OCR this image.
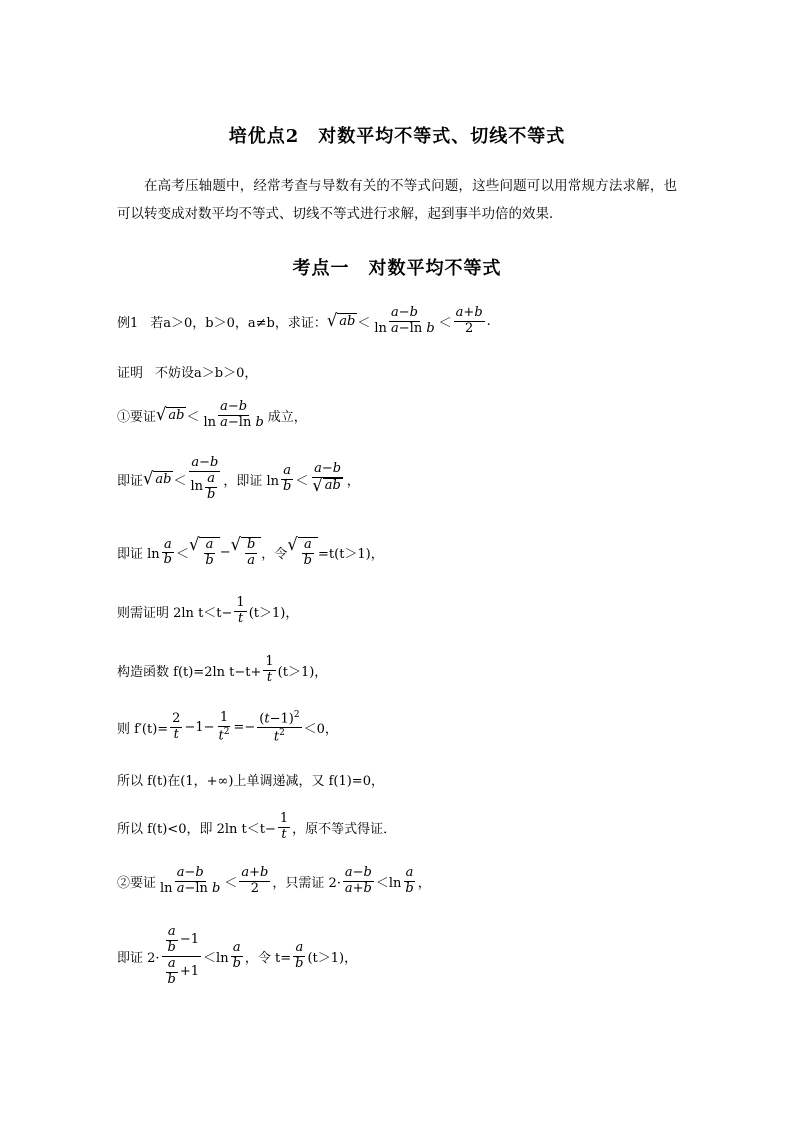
培优点2　对数平均不等式、切线不等式
在高考压轴题中，经常考查与导数有关的不等式问题，这些问题可以用常规方法求解，也可以转变成对数平均不等式、切线不等式进行求解，起到事半功倍的效果．
考点一　对数平均不等式
例1 若a＞0，b＞0，a≠b，求证： √ ab ＜ $\frac{a-b}{\text{ln a−ln b}} < \frac{a+b}{2}$ .
证明 不妨设a＞b＞0，
①要证 √ ab ＜ $\frac{a-b}{\text{ln a−ln b}}$ 成立，
即证 √ ab ＜ $\frac{a-b}{\ln \frac{a}{b}}$ ，即证 $\ln \frac{a}{b} < \frac{a-b}{√ ab}$ ，
即证 $\ln \frac{a}{b}$ ＜
√ $\frac{a}{b}$ − √ $\frac{b}{a}$ ，令
√ $\frac{a}{b} =t(t>1)$，
则需证明 2ln $t<t- \frac{1}{t} (t>1)$，
构造函数 f(t)=2ln $t-t+ \frac{1}{t} (t>1)$，
则 $f'(t)= \frac{2}{t} -1- \frac{1}{t^2} =- \frac{(t-1)^2}{t^2} <0$，
所以 f(t)在(1，+∞)上单调递减，又 f(1)=0，
所以 f(t)<0，即 2ln $t<t- \frac{1}{t}$ ，原不等式得证．
②要证 $\frac{a-b}{\text{ln a−ln b}} < \frac{a+b}{2}$ ，只需证 $2\cdot \frac{a-b}{a+b} <\ln \frac{a}{b}$ ，
即证 $2\cdot \frac{\frac{a}{b} -1}{\frac{a}{b} +1} <\ln \frac{a}{b}$ ，令 $t= \frac{a}{b} (t>1)$，
